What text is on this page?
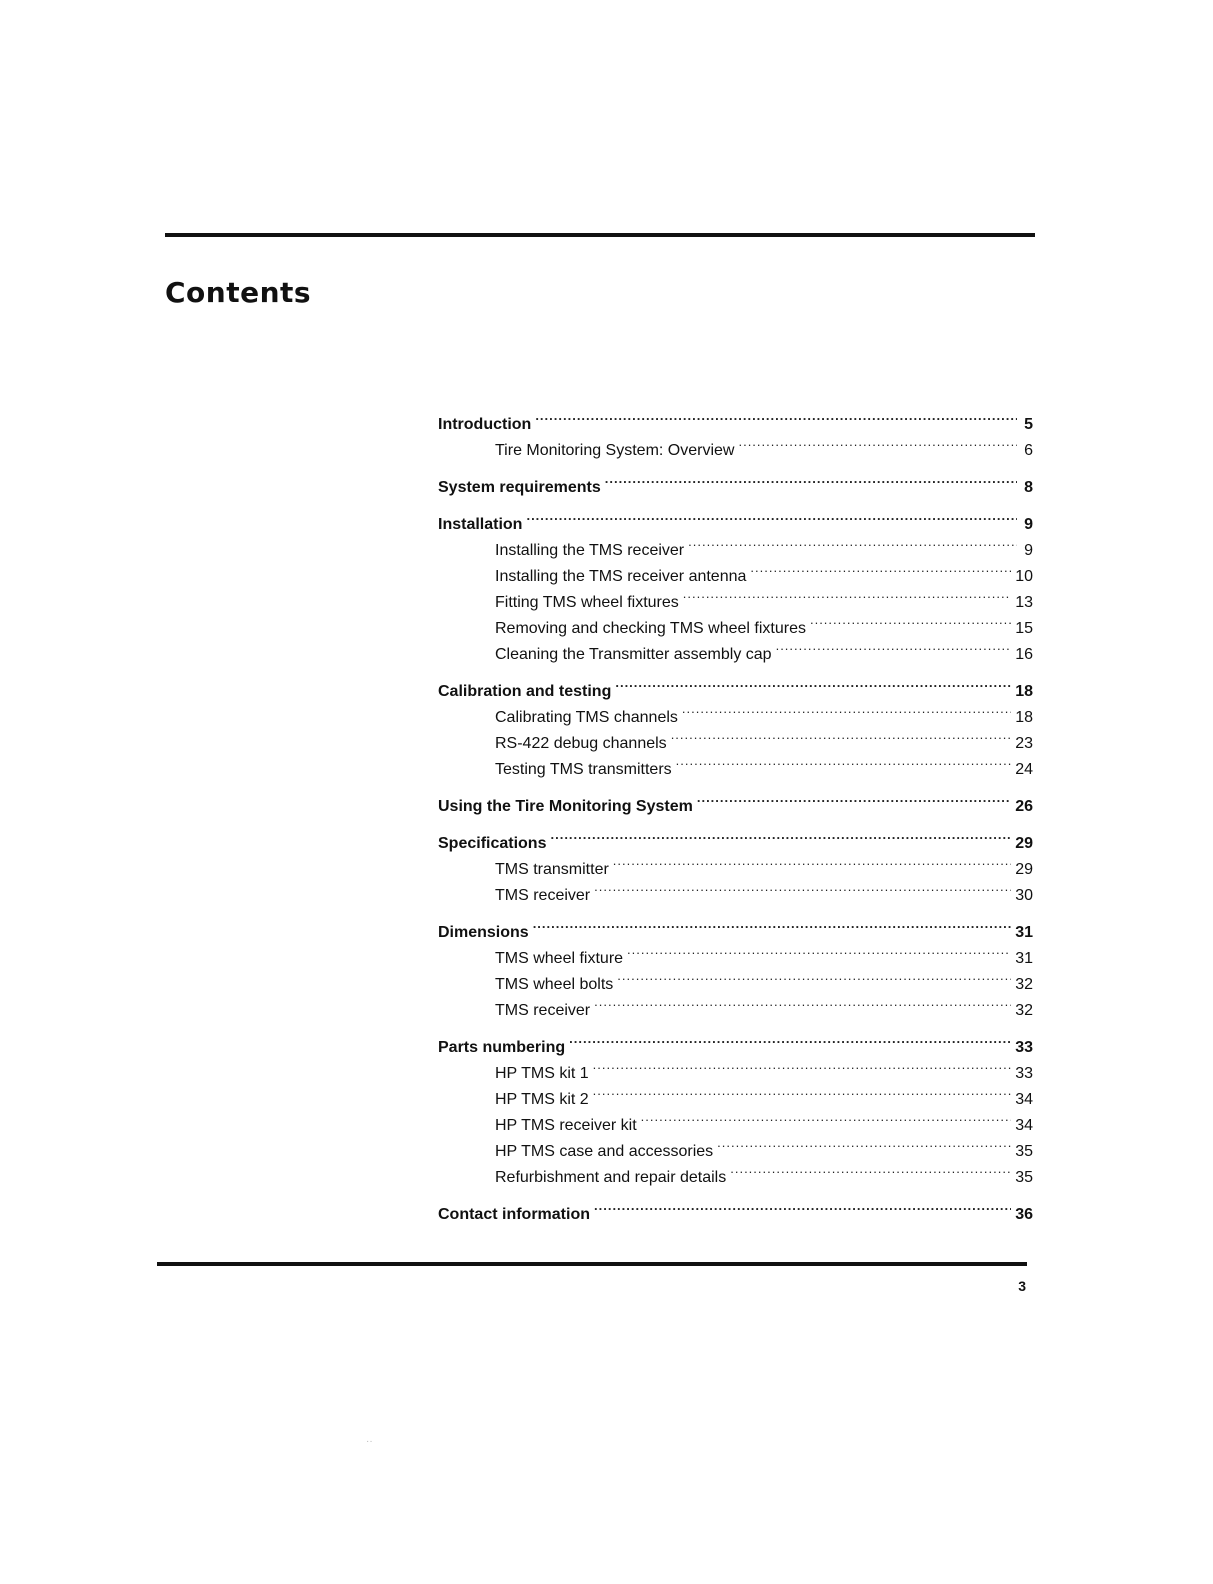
Contents
Introduction .....	5
Tire Monitoring System: Overview .....	6
System requirements .....	8
Installation .....	9
Installing the TMS receiver .....	9
Installing the TMS receiver antenna .....	10
Fitting TMS wheel fixtures .....	13
Removing and checking TMS wheel fixtures .....	15
Cleaning the Transmitter assembly cap .....	16
Calibration and testing .....	18
Calibrating TMS channels .....	18
RS-422 debug channels .....	23
Testing TMS transmitters .....	24
Using the Tire Monitoring System .....	26
Specifications .....	29
TMS transmitter .....	29
TMS receiver .....	30
Dimensions .....	31
TMS wheel fixture .....	31
TMS wheel bolts .....	32
TMS receiver .....	32
Parts numbering .....	33
HP TMS kit 1 .....	33
HP TMS kit 2 .....	34
HP TMS receiver kit .....	34
HP TMS case and accessories .....	35
Refurbishment and repair details .....	35
Contact information .....	36
3
··
